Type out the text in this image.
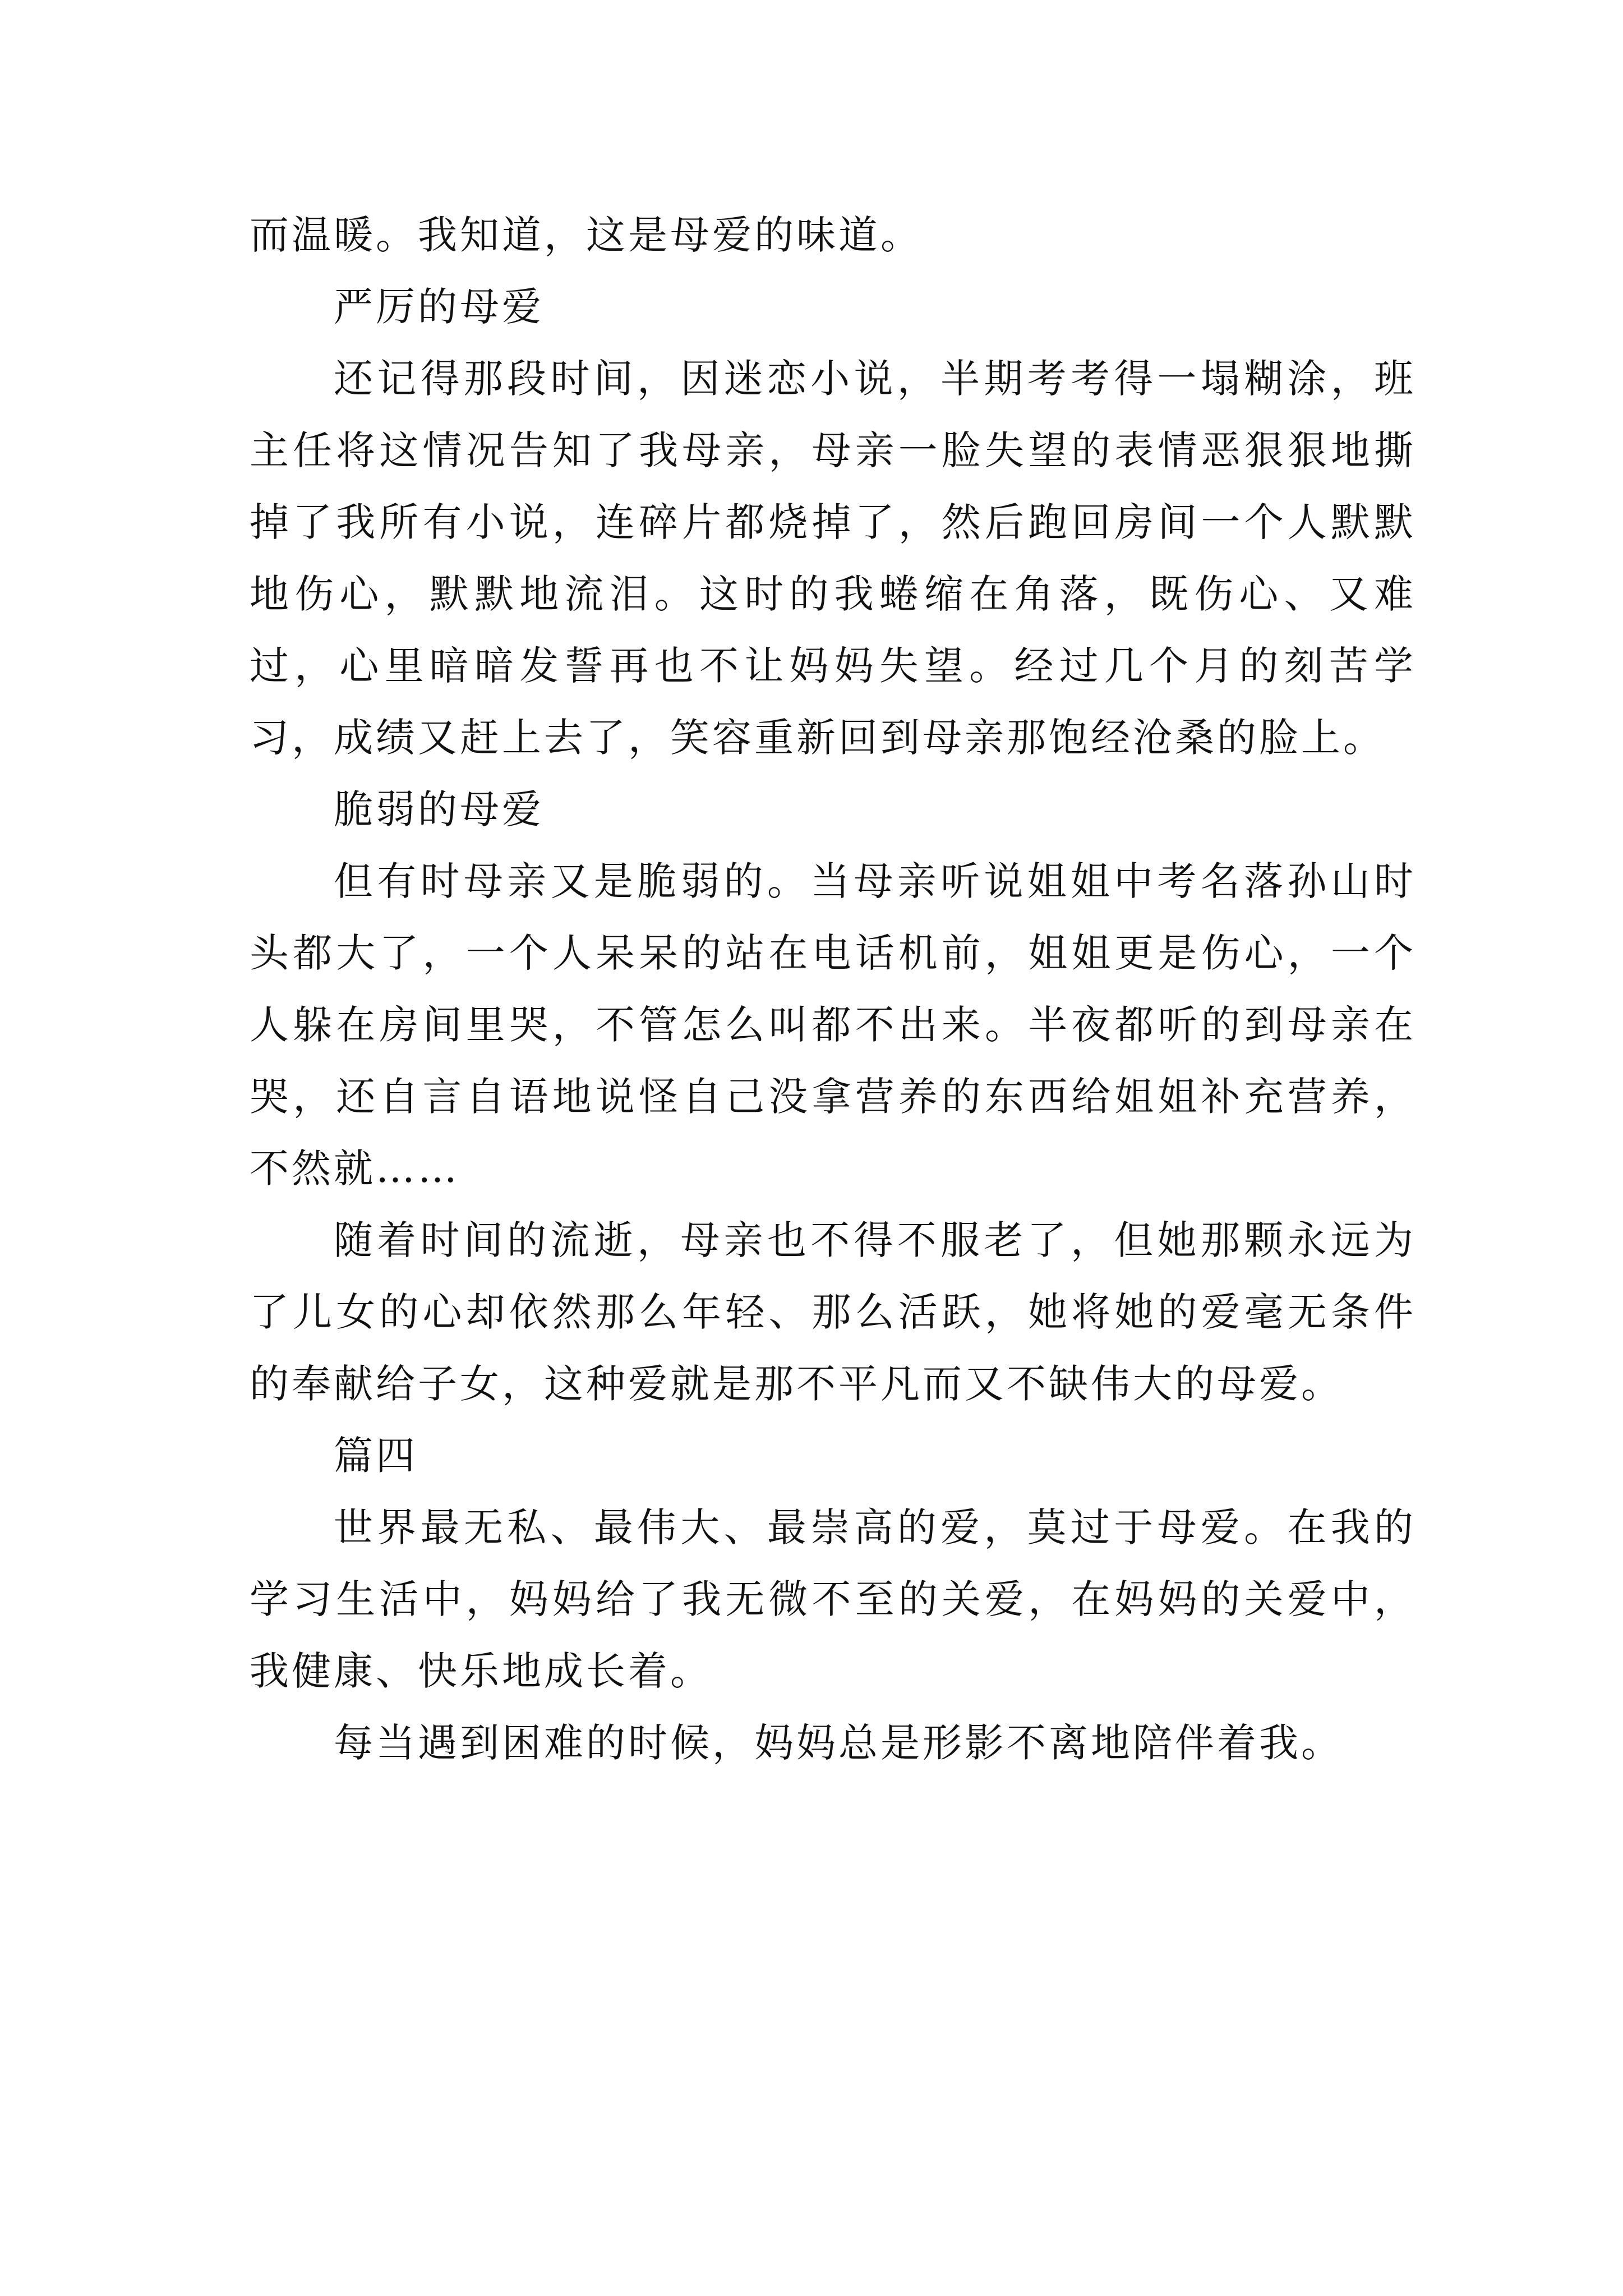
而温暖。我知道，这是母爱的味道。

严厉的母爱

还记得那段时间，因迷恋小说，半期考考得一塌糊涂，班主任将这情况告知了我母亲，母亲一脸失望的表情恶狠狠地撕掉了我所有小说，连碎片都烧掉了，然后跑回房间一个人默默地伤心，默默地流泪。这时的我蜷缩在角落，既伤心、又难过，心里暗暗发誓再也不让妈妈失望。经过几个月的刻苦学习，成绩又赶上去了，笑容重新回到母亲那饱经沧桑的脸上。

脆弱的母爱

但有时母亲又是脆弱的。当母亲听说姐姐中考名落孙山时头都大了，一个人呆呆的站在电话机前，姐姐更是伤心，一个人躲在房间里哭，不管怎么叫都不出来。半夜都听的到母亲在哭，还自言自语地说怪自己没拿营养的东西给姐姐补充营养，不然就……

随着时间的流逝，母亲也不得不服老了，但她那颗永远为了儿女的心却依然那么年轻、那么活跃，她将她的爱毫无条件的奉献给子女，这种爱就是那不平凡而又不缺伟大的母爱。

篇四

世界最无私、最伟大、最崇高的爱，莫过于母爱。在我的学习生活中，妈妈给了我无微不至的关爱，在妈妈的关爱中，我健康、快乐地成长着。

每当遇到困难的时候，妈妈总是形影不离地陪伴着我。
